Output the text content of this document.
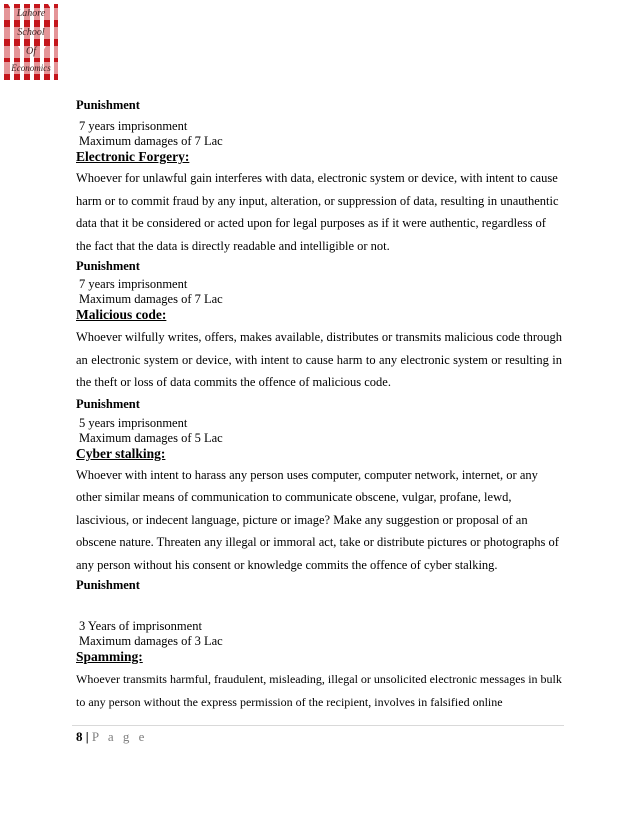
Lahore
School
Of
Economics

Punishment

7 years imprisonment

Maximum damages of 7 Lac

Electronic Forgery:

Whoever for unlawful gain interferes with data, electronic system or device, with intent to cause harm or to commit fraud by any input, alteration, or suppression of data, resulting in unauthentic data that it be considered or acted upon for legal purposes as if it were authentic, regardless of the fact that the data is directly readable and intelligible or not.

Punishment

7 years imprisonment

Maximum damages of 7 Lac

Malicious code:

Whoever wilfully writes, offers, makes available, distributes or transmits malicious code through an electronic system or device, with intent to cause harm to any electronic system or resulting in the theft or loss of data commits the offence of malicious code.

Punishment

5 years imprisonment

Maximum damages of 5 Lac

Cyber stalking:

Whoever with intent to harass any person uses computer, computer network, internet, or any other similar means of communication to communicate obscene, vulgar, profane, lewd, lascivious, or indecent language, picture or image? Make any suggestion or proposal of an obscene nature. Threaten any illegal or immoral act, take or distribute pictures or photographs of any person without his consent or knowledge commits the offence of cyber stalking.

Punishment

3 Years of imprisonment

Maximum damages of 3 Lac

Spamming:

Whoever transmits harmful, fraudulent, misleading, illegal or unsolicited electronic messages in bulk to any person without the express permission of the recipient, involves in falsified online

8 | P a g e
